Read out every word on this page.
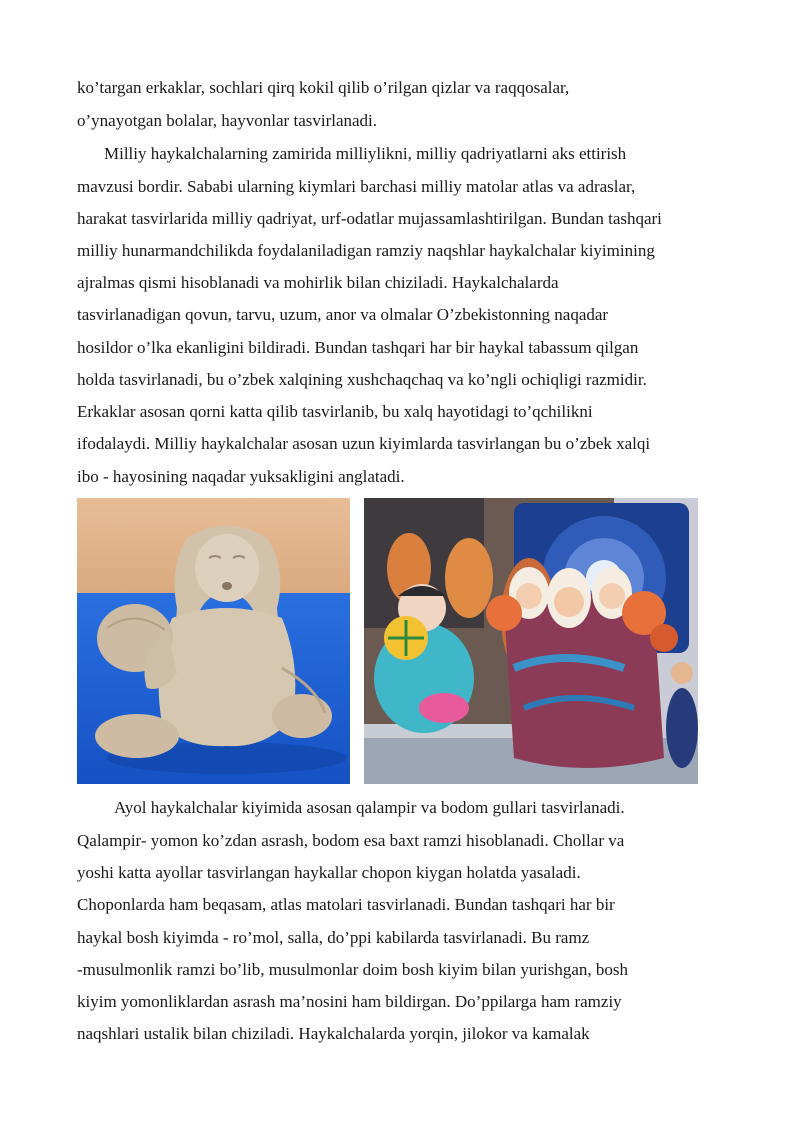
ko’targan erkaklar, sochlari qirq kokil qilib o’rilgan qizlar va raqqosalar,
o’ynayotgan bolalar, hayvonlar tasvirlanadi.
Milliy haykalchalarning zamirida milliylikni, milliy qadriyatlarni aks ettirish
mavzusi bordir. Sababi ularning kiymlari barchasi milliy matolar atlas va adraslar,
harakat tasvirlarida milliy qadriyat, urf-odatlar mujassamlashtirilgan. Bundan tashqari
milliy hunarmandchilikda foydalaniladigan ramziy naqshlar haykalchalar kiyimining
ajralmas qismi hisoblanadi va mohirlik bilan chiziladi. Haykalchalarda
tasvirlanadigan qovun, tarvu, uzum, anor va olmalar O’zbekistonning naqadar
hosildor o’lka ekanligini bildiradi. Bundan tashqari har bir haykal tabassum qilgan
holda tasvirlanadi, bu o’zbek xalqining xushchaqchaq va ko’ngli ochiqligi razmidir.
Erkaklar asosan qorni katta qilib tasvirlanib, bu xalq hayotidagi to’qchilikni
ifodalaydi. Milliy haykalchalar asosan uzun kiyimlarda tasvirlangan bu o’zbek xalqi
ibo - hayosining naqadar yuksakligini anglatadi.
Ayol haykalchalar kiyimida asosan qalampir va bodom gullari tasvirlanadi.
Qalampir- yomon ko’zdan asrash, bodom esa baxt ramzi hisoblanadi. Chollar va
yoshi katta ayollar tasvirlangan haykallar chopon kiygan holatda yasaladi.
Choponlarda ham beqasam, atlas matolari tasvirlanadi. Bundan tashqari har bir
haykal bosh kiyimda - ro’mol, salla, do’ppi kabilarda tasvirlanadi. Bu ramz
-musulmonlik ramzi bo’lib, musulmonlar doim bosh kiyim bilan yurishgan, bosh
kiyim yomonliklardan asrash ma’nosini ham bildirgan. Do’ppilarga ham ramziy
naqshlari ustalik bilan chiziladi. Haykalchalarda yorqin, jilokor va kamalak
